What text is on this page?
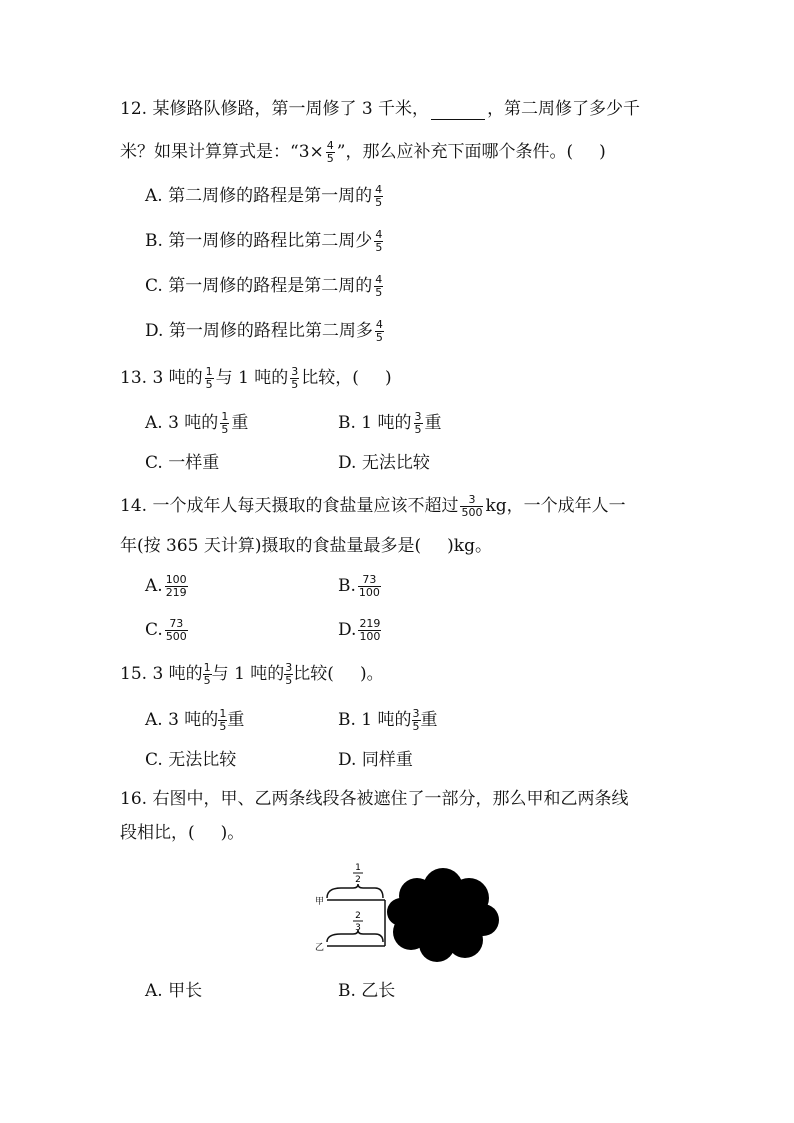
12. 某修路队修路，第一周修了 3 千米，	，第二周修了多少千
米？如果计算算式是：“$3\times \frac{4}{5}$ ”，那么应补充下面哪个条件。( )
A. 第二周修的路程是第一周的 $\frac{4}{5}$
B. 第一周修的路程比第二周少 $\frac{4}{5}$
C. 第一周修的路程是第二周的 $\frac{4}{5}$
D. 第一周修的路程比第二周多 $\frac{4}{5}$
13. 3 吨的 $\frac{1}{5}$ 与 1 吨的 $\frac{3}{5}$ 比较，( )
A. 3 吨的 $\frac{1}{5}$ 重	B. 1 吨的 $\frac{3}{5}$ 重
C. 一样重	D. 无法比较
14. 一个成年人每天摄取的食盐量应该不超过 $\frac{3}{500}$ kg，一个成年人一
年(按 365 天计算)摄取的食盐量最多是( )kg。
A. $\frac{100}{219}$	B. $\frac{73}{100}$
C. $\frac{73}{500}$	D. $\frac{219}{100}$
15. 3 吨的 $\frac{1}{5}$ 与 1 吨的 $\frac{3}{5}$ 比较( )。
A. 3 吨的 $\frac{1}{5}$ 重	B. 1 吨的 $\frac{3}{5}$ 重
C. 无法比较	D. 同样重
16. 右图中，甲、乙两条线段各被遮住了一部分，那么甲和乙两条线
段相比，( )。
1
2
甲
2
3
乙
A. 甲长	B. 乙长
